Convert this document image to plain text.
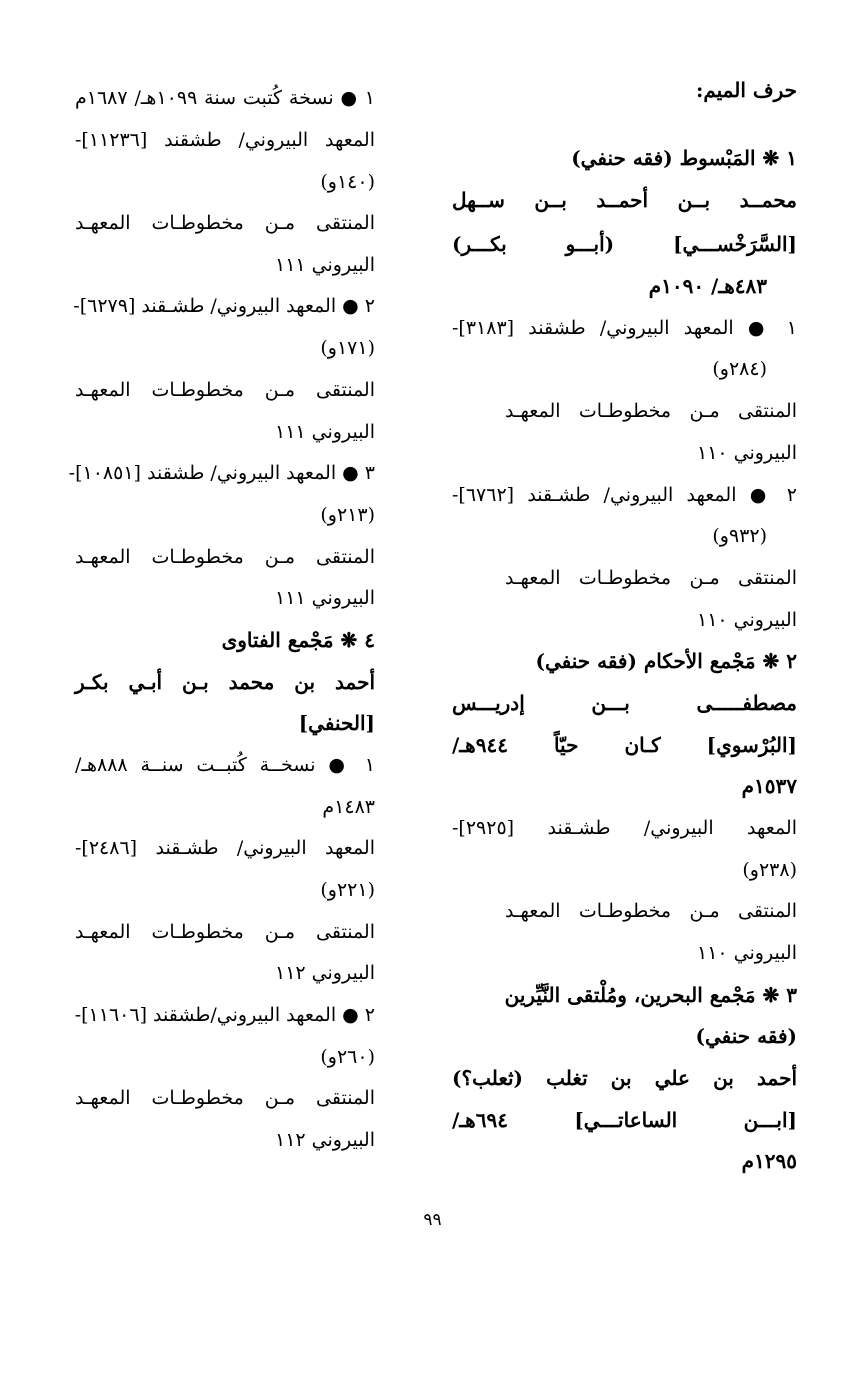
حرف الميم:
١ ❋ المَبْسوط (فقه حنفي)
محمــد بــن أحمــد بــن ســهل
[السَّرَخْســـي] (أبـــو بكـــر)
٤٨٣هـ/ ١٠٩٠م
١ ● المعهد البيروني/ طشقند [٣١٨٣]-
(٢٨٤و)
المنتقى مـن مخطوطـات المعهـد
البيروني ١١٠
٢ ● المعهد البيروني/ طشـقند [٦٧٦٢]-
(٩٣٢و)
المنتقى مـن مخطوطـات المعهـد
البيروني ١١٠
٢ ❋ مَجْمع الأحكام (فقه حنفي)
مصطفـــــى بـــن إدريـــس
[البُرْسوي] كـان حيّاً ٩٤٤هـ/
١٥٣٧م
المعهد البيروني/ طشـقند [٢٩٢٥]-
(٢٣٨و)
المنتقى مـن مخطوطـات المعهـد
البيروني ١١٠
٣ ❋ مَجْمع البحرين، ومُلْتقى النَّيِّرين
(فقه حنفي)
أحمد بن علي بن تغلب (ثعلب؟)
[ابـــن الساعاتـــي] ٦٩٤هـ/
١٢٩٥م
١ ● نسخة كُتبت سنة ١٠٩٩هـ/ ١٦٨٧م
المعهد البيروني/ طشقند [١١٢٣٦]-
(١٤٠و)
المنتقى مـن مخطوطـات المعهـد
البيروني ١١١
٢ ● المعهد البيروني/ طشـقند [٦٢٧٩]-
(١٧١و)
المنتقى مـن مخطوطـات المعهـد
البيروني ١١١
٣ ● المعهد البيروني/ طشقند [١٠٨٥١]-
(٢١٣و)
المنتقى مـن مخطوطـات المعهـد
البيروني ١١١
٤ ❋ مَجْمع الفتاوى
أحمد بن محمد بـن أبـي بكـر
[الحنفي]
١ ● نسخــة كُتبــت سنــة ٨٨٨هـ/
١٤٨٣م
المعهد البيروني/ طشـقند [٢٤٨٦]-
(٢٢١و)
المنتقى مـن مخطوطـات المعهـد
البيروني ١١٢
٢ ● المعهد البيروني/طشقند [١١٦٠٦]-
(٢٦٠و)
المنتقى مـن مخطوطـات المعهـد
البيروني ١١٢
٩٩
